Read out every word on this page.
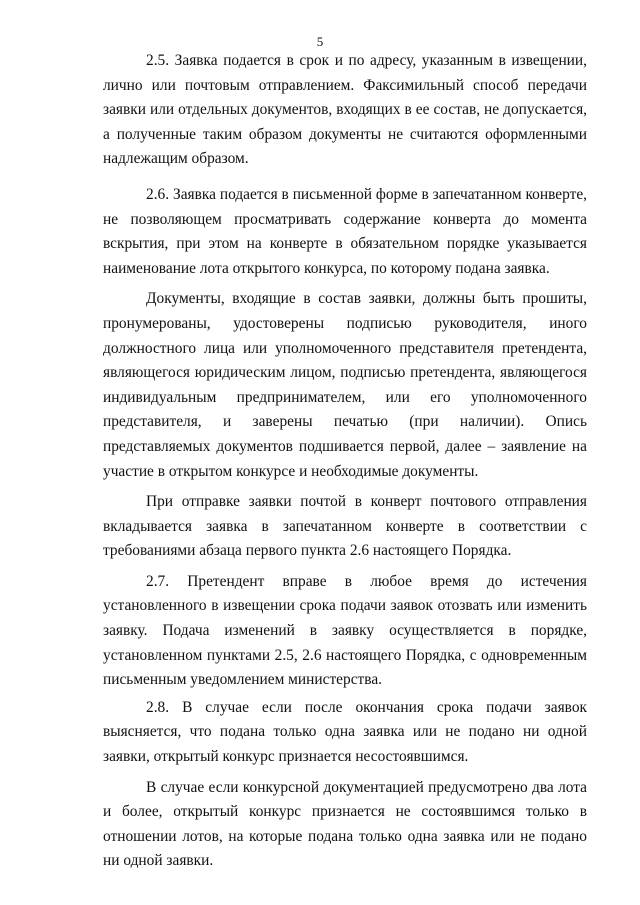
5

2.5. Заявка подается в срок и по адресу, указанным в извещении, лично или почтовым отправлением. Факсимильный способ передачи заявки или отдельных документов, входящих в ее состав, не допускается, а полученные таким образом документы не считаются оформленными надлежащим образом.

2.6. Заявка подается в письменной форме в запечатанном конверте, не позволяющем просматривать содержание конверта до момента вскрытия, при этом на конверте в обязательном порядке указывается наименование лота открытого конкурса, по которому подана заявка.

Документы, входящие в состав заявки, должны быть прошиты, пронумерованы, удостоверены подписью руководителя, иного должностного лица или уполномоченного представителя претендента, являющегося юридическим лицом, подписью претендента, являющегося индивидуальным предпринимателем, или его уполномоченного представителя, и заверены печатью (при наличии). Опись представляемых документов подшивается первой, далее – заявление на участие в открытом конкурсе и необходимые документы.

При отправке заявки почтой в конверт почтового отправления вкладывается заявка в запечатанном конверте в соответствии с требованиями абзаца первого пункта 2.6 настоящего Порядка.

2.7. Претендент вправе в любое время до истечения установленного в извещении срока подачи заявок отозвать или изменить заявку. Подача изменений в заявку осуществляется в порядке, установленном пунктами 2.5, 2.6 настоящего Порядка, с одновременным письменным уведомлением министерства.

2.8. В случае если после окончания срока подачи заявок выясняется, что подана только одна заявка или не подано ни одной заявки, открытый конкурс признается несостоявшимся.

В случае если конкурсной документацией предусмотрено два лота и более, открытый конкурс признается не состоявшимся только в отношении лотов, на которые подана только одна заявка или не подано ни одной заявки.
